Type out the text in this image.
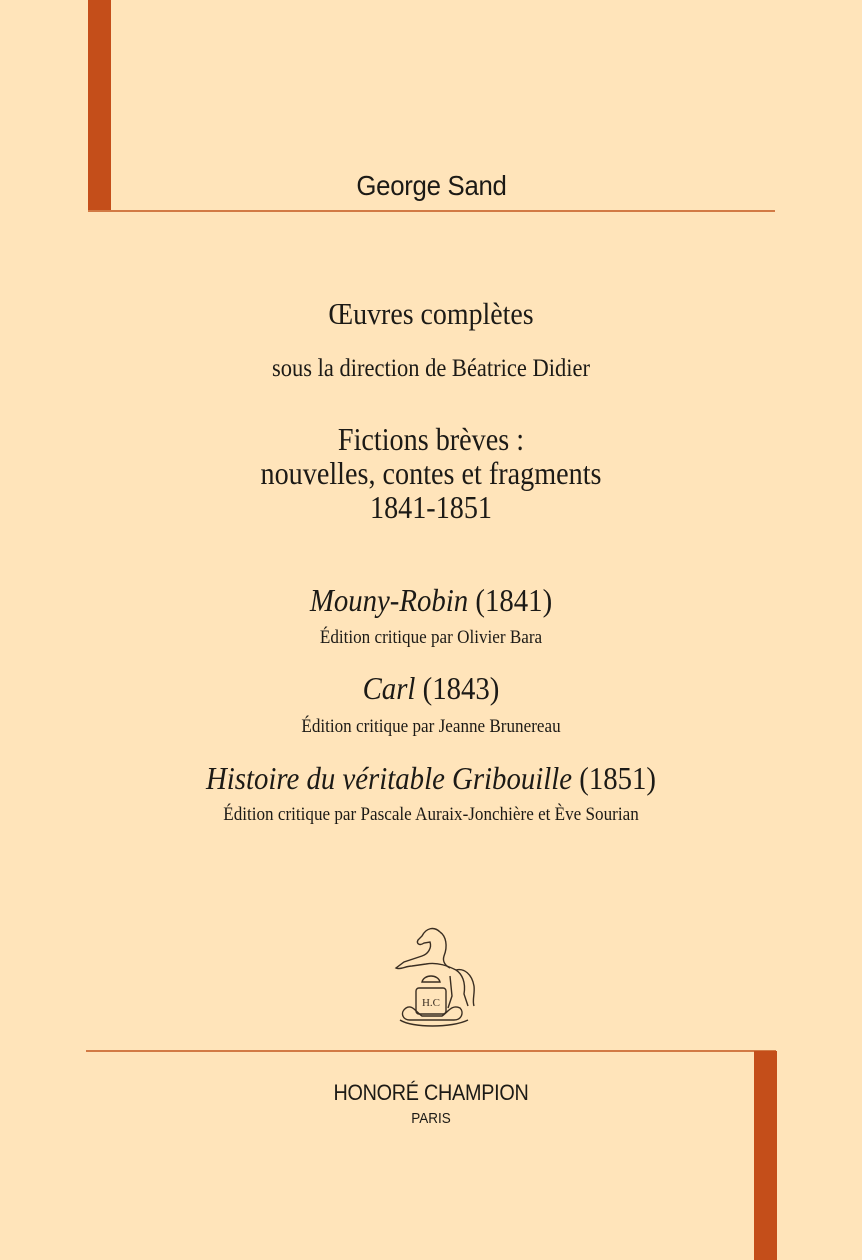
George Sand
Œuvres complètes
sous la direction de Béatrice Didier
Fictions brèves :
nouvelles, contes et fragments
1841-1851
Mouny-Robin (1841)
Édition critique par Olivier Bara
Carl (1843)
Édition critique par Jeanne Brunereau
Histoire du véritable Gribouille (1851)
Édition critique par Pascale Auraix-Jonchière et Ève Sourian
H.C
HONORÉ CHAMPION
PARIS
